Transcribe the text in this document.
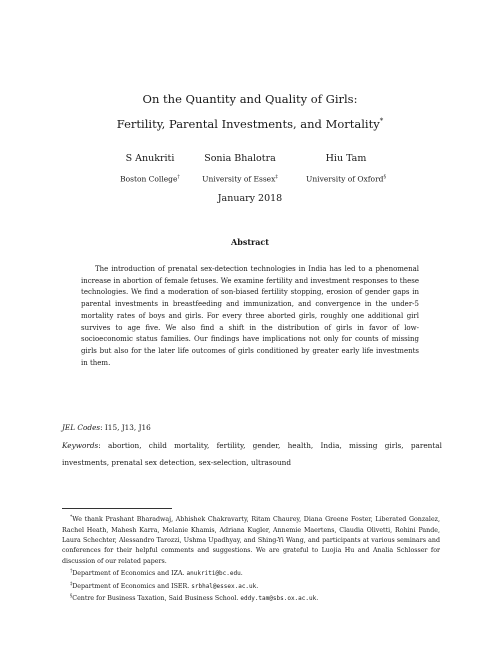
On the Quantity and Quality of Girls:
Fertility, Parental Investments, and Mortality*
S Anukriti
Boston College†
Sonia Bhalotra
University of Essex‡
Hiu Tam
University of Oxford§
January 2018
Abstract

The introduction of prenatal sex-detection technologies in India has led to a phenomenal increase in abortion of female fetuses. We examine fertility and investment responses to these technologies. We find a moderation of son-biased fertility stopping, erosion of gender gaps in parental investments in breastfeeding and immunization, and convergence in the under-5 mortality rates of boys and girls. For every three aborted girls, roughly one additional girl survives to age five. We also find a shift in the distribution of girls in favor of low-socioeconomic status families. Our findings have implications not only for counts of missing girls but also for the later life outcomes of girls conditioned by greater early life investments in them.

JEL Codes: I15, J13, J16

Keywords: abortion, child mortality, fertility, gender, health, India, missing girls, parental investments, prenatal sex detection, sex-selection, ultrasound

*We thank Prashant Bharadwaj, Abhishek Chakravarty, Ritam Chaurey, Diana Greene Foster, Liberated Gonzalez, Rachel Heath, Mahesh Karra, Melanie Khamis, Adriana Kugler, Annemie Maertens, Claudia Olivetti, Rohini Pande, Laura Schechter, Alessandro Tarozzi, Ushma Upadhyay, and Shing-Yi Wang, and participants at various seminars and conferences for their helpful comments and suggestions. We are grateful to Luojia Hu and Analia Schlosser for discussion of our related papers.

†Department of Economics and IZA. anukriti@bc.edu.

‡Department of Economics and ISER. srbhal@essex.ac.uk.

§Centre for Business Taxation, Said Business School. eddy.tam@sbs.ox.ac.uk.
